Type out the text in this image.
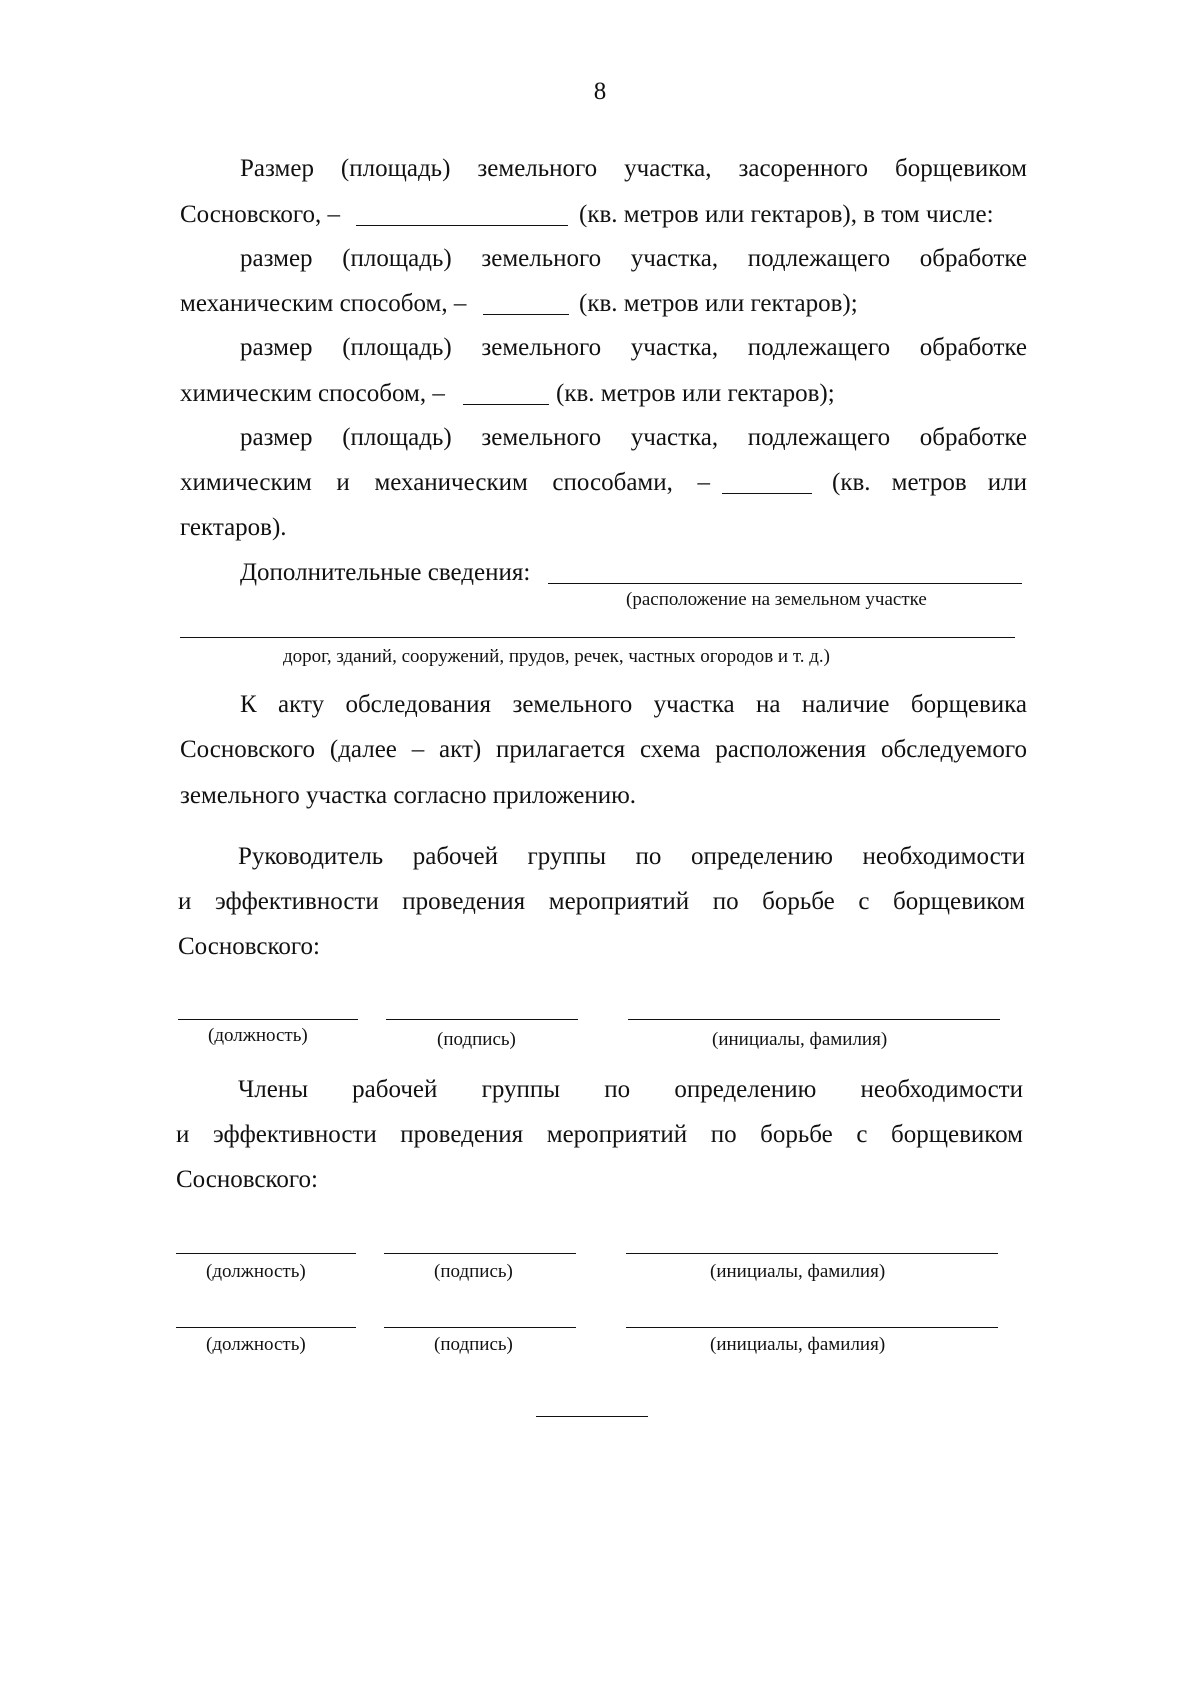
8
Размер (площадь) земельного участка, засоренного борщевиком
Сосновского, –	(кв. метров или гектаров), в том числе:
размер (площадь) земельного участка, подлежащего обработке
механическим способом, –	(кв. метров или гектаров);
размер (площадь) земельного участка, подлежащего обработке
химическим способом, –	(кв. метров или гектаров);
размер (площадь) земельного участка, подлежащего обработке
химическим и механическим способами, –	(кв. метров или
гектаров).
Дополнительные сведения:
(расположение на земельном участке
дорог, зданий, сооружений, прудов, речек, частных огородов и т. д.)
К акту обследования земельного участка на наличие борщевика
Сосновского (далее – акт) прилагается схема расположения обследуемого
земельного участка согласно приложению.
Руководитель рабочей группы по определению необходимости
и эффективности проведения мероприятий по борьбе с борщевиком
Сосновского:
(должность)	(подпись)	(инициалы, фамилия)
Члены рабочей группы по определению необходимости
и эффективности проведения мероприятий по борьбе с борщевиком
Сосновского:
(должность)	(подпись)	(инициалы, фамилия)
(должность)	(подпись)	(инициалы, фамилия)
